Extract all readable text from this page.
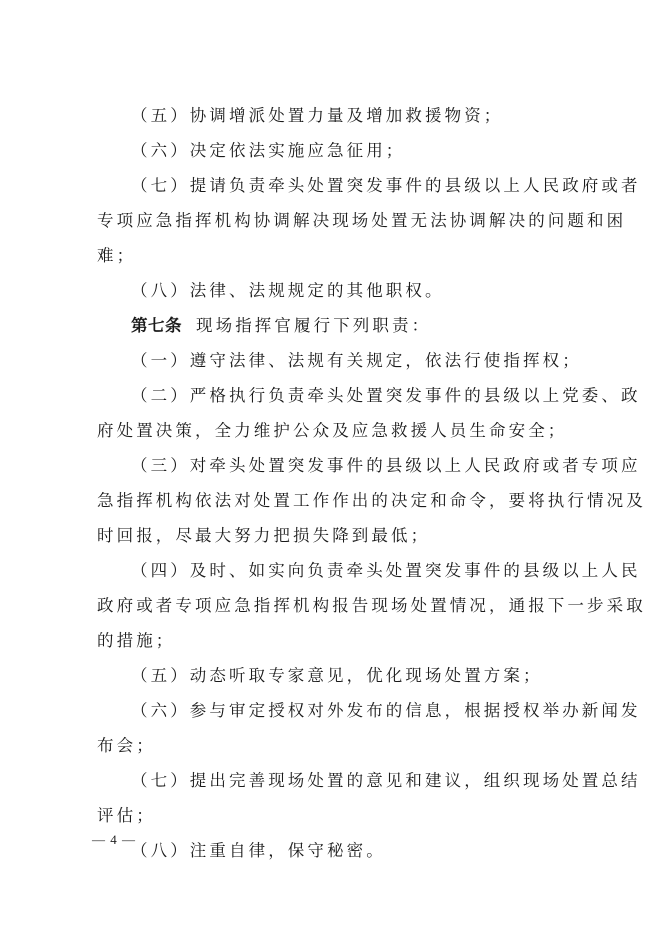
（五）协调增派处置力量及增加救援物资；
（六）决定依法实施应急征用；
（七）提请负责牵头处置突发事件的县级以上人民政府或者
专项应急指挥机构协调解决现场处置无法协调解决的问题和困
难；
（八）法律、法规规定的其他职权。
第七条 现场指挥官履行下列职责：
（一）遵守法律、法规有关规定，依法行使指挥权；
（二）严格执行负责牵头处置突发事件的县级以上党委、政
府处置决策，全力维护公众及应急救援人员生命安全；
（三）对牵头处置突发事件的县级以上人民政府或者专项应
急指挥机构依法对处置工作作出的决定和命令，要将执行情况及
时回报，尽最大努力把损失降到最低；
（四）及时、如实向负责牵头处置突发事件的县级以上人民
政府或者专项应急指挥机构报告现场处置情况，通报下一步采取
的措施；
（五）动态听取专家意见，优化现场处置方案；
（六）参与审定授权对外发布的信息，根据授权举办新闻发
布会；
（七）提出完善现场处置的意见和建议，组织现场处置总结
评估；
（八）注重自律，保守秘密。
— 4 —
